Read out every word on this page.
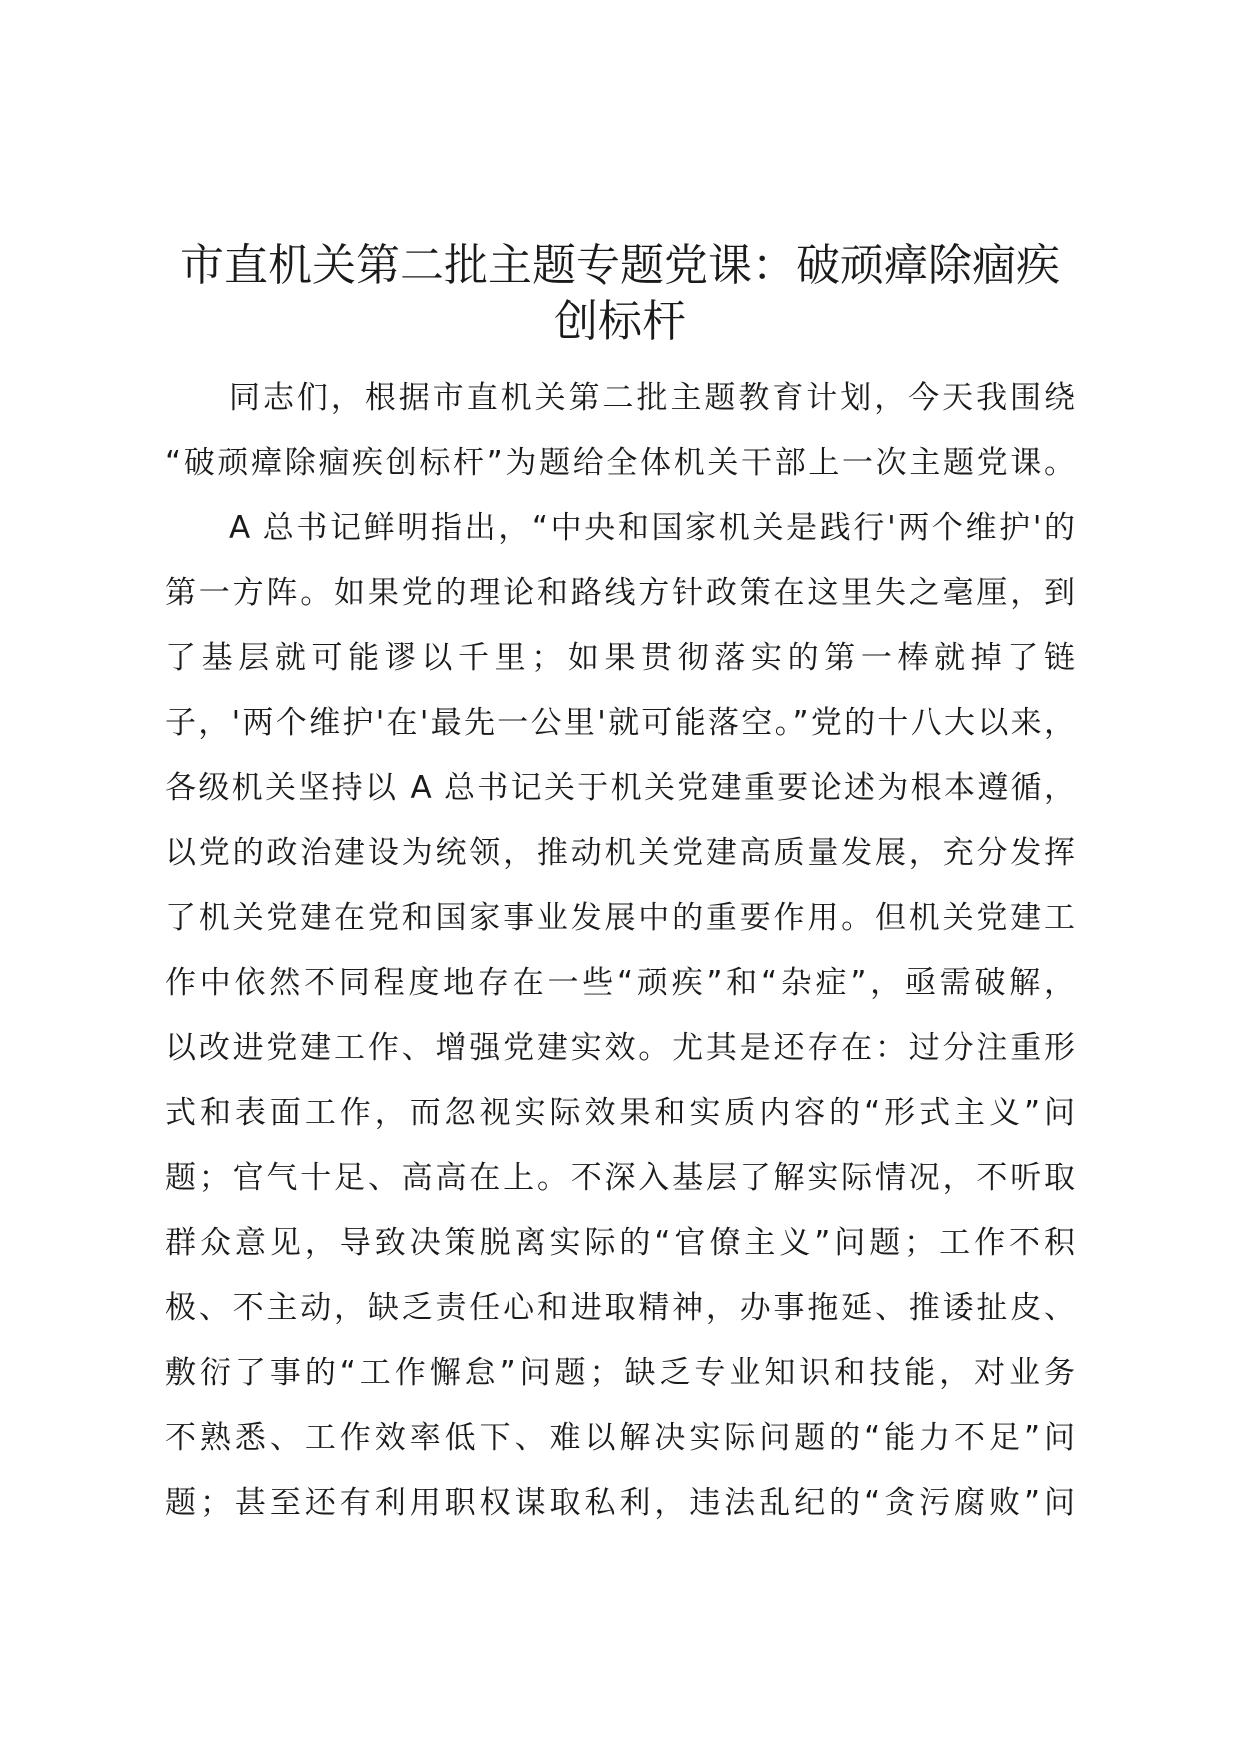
市直机关第二批主题专题党课：破顽瘴除痼疾
创标杆
同志们，根据市直机关第二批主题教育计划，今天我围绕
“破顽瘴除痼疾创标杆”为题给全体机关干部上一次主题党课。
A 总书记鲜明指出，“中央和国家机关是践行'两个维护'的
第一方阵。如果党的理论和路线方针政策在这里失之毫厘，到
了基层就可能谬以千里；如果贯彻落实的第一棒就掉了链
子，'两个维护'在'最先一公里'就可能落空。”党的十八大以来，
各级机关坚持以 A 总书记关于机关党建重要论述为根本遵循，
以党的政治建设为统领，推动机关党建高质量发展，充分发挥
了机关党建在党和国家事业发展中的重要作用。但机关党建工
作中依然不同程度地存在一些“顽疾”和“杂症”，亟需破解，
以改进党建工作、增强党建实效。尤其是还存在：过分注重形
式和表面工作，而忽视实际效果和实质内容的“形式主义”问
题；官气十足、高高在上。不深入基层了解实际情况，不听取
群众意见，导致决策脱离实际的“官僚主义”问题；工作不积
极、不主动，缺乏责任心和进取精神，办事拖延、推诿扯皮、
敷衍了事的“工作懈怠”问题；缺乏专业知识和技能，对业务
不熟悉、工作效率低下、难以解决实际问题的“能力不足”问
题；甚至还有利用职权谋取私利，违法乱纪的“贪污腐败”问
